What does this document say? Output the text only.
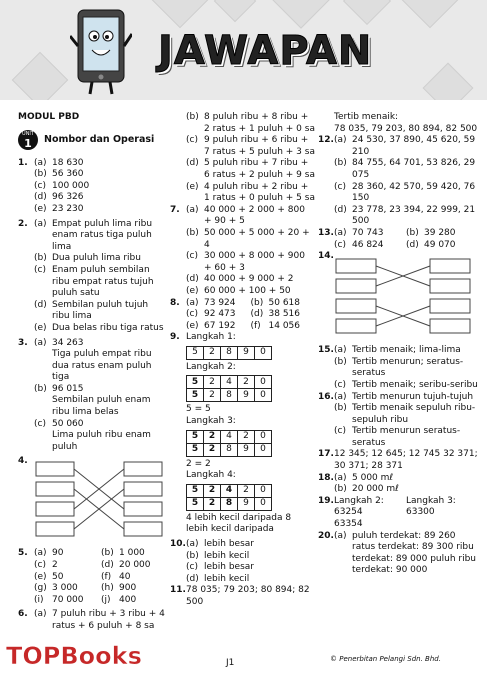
JAWAPAN
MODUL PBD
UNIT
1 Nombor dan Operasi
1. (a) 18 630
(b) 56 360
(c) 100 000
(d) 96 326
(e) 23 230
2. (a) Empat puluh lima ribu enam ratus tiga puluh lima
(b) Dua puluh lima ribu
(c) Enam puluh sembilan ribu empat ratus tujuh puluh satu
(d) Sembilan puluh tujuh ribu lima
(e) Dua belas ribu tiga ratus
3. (a) 34 263
Tiga puluh empat ribu dua ratus enam puluh tiga
(b) 96 015
Sembilan puluh enam ribu lima belas
(c) 50 060
Lima puluh ribu enam puluh
4.
5. (a) 90	(b) 1 000
(c) 2	(d) 20 000
(e) 50	(f) 40
(g) 3 000	(h) 900
(i) 70 000 (j) 400
6. (a) 7 puluh ribu + 3 ribu + 4 ratus + 6 puluh + 8 sa
(b) 8 puluh ribu + 8 ribu + 2 ratus + 1 puluh + 0 sa
(c) 9 puluh ribu + 6 ribu + 7 ratus + 5 puluh + 3 sa
(d) 5 puluh ribu + 7 ribu + 6 ratus + 2 puluh + 9 sa
(e) 4 puluh ribu + 2 ribu + 1 ratus + 0 puluh + 5 sa
7. (a) 40 000 + 2 000 + 800 + 90 + 5
(b) 50 000 + 5 000 + 20 + 4
(c) 30 000 + 8 000 + 900 + 60 + 3
(d) 40 000 + 9 000 + 2
(e) 60 000 + 100 + 50
8. (a) 73 924 (b) 50 618
(c) 92 473 (d) 38 516
(e) 67 192 (f) 14 056
9. Langkah 1:
5	2	8	9	0
Langkah 2:
5	2	4	2	0
5	2	8	9	0
5 = 5
Langkah 3:
5	2	4	2	0
5	2	8	9	0
2 = 2
Langkah 4:
5	2	4	2	0
5	2	8	9	0
4 lebih kecil daripada 8
lebih kecil daripada
10. (a) lebih besar
(b) lebih kecil
(c) lebih besar
(d) lebih kecil
11. 78 035; 79 203; 80 894; 82 500
Tertib menaik:
78 035, 79 203, 80 894, 82 500
12. (a) 24 530, 37 890, 45 620, 59 210
(b) 84 755, 64 701, 53 826, 29 075
(c) 28 360, 42 570, 59 420, 76 150
(d) 23 778, 23 394, 22 999, 21 500
13. (a) 70 743	(b) 39 280
(c) 46 824	(d) 49 070
14.
15. (a) Tertib menaik; lima-lima
(b) Tertib menurun; seratus-seratus
(c) Tertib menaik; seribu-seribu
16. (a) Tertib menurun tujuh-tujuh
(b) Tertib menaik sepuluh ribu-sepuluh ribu
(c) Tertib menurun seratus-seratus
17. 12 345; 12 645; 12 745 32 371; 30 371; 28 371
18. (a) 5 000 mℓ
(b) 20 000 mℓ
19. Langkah 2:
63254
63354
Langkah 3:
63300
20. (a) puluh terdekat: 89 260 ratus terdekat: 89 300 ribu terdekat: 89 000 puluh ribu terdekat: 90 000
TOPBooks	J1	© Penerbitan Pelangi Sdn. Bhd.
